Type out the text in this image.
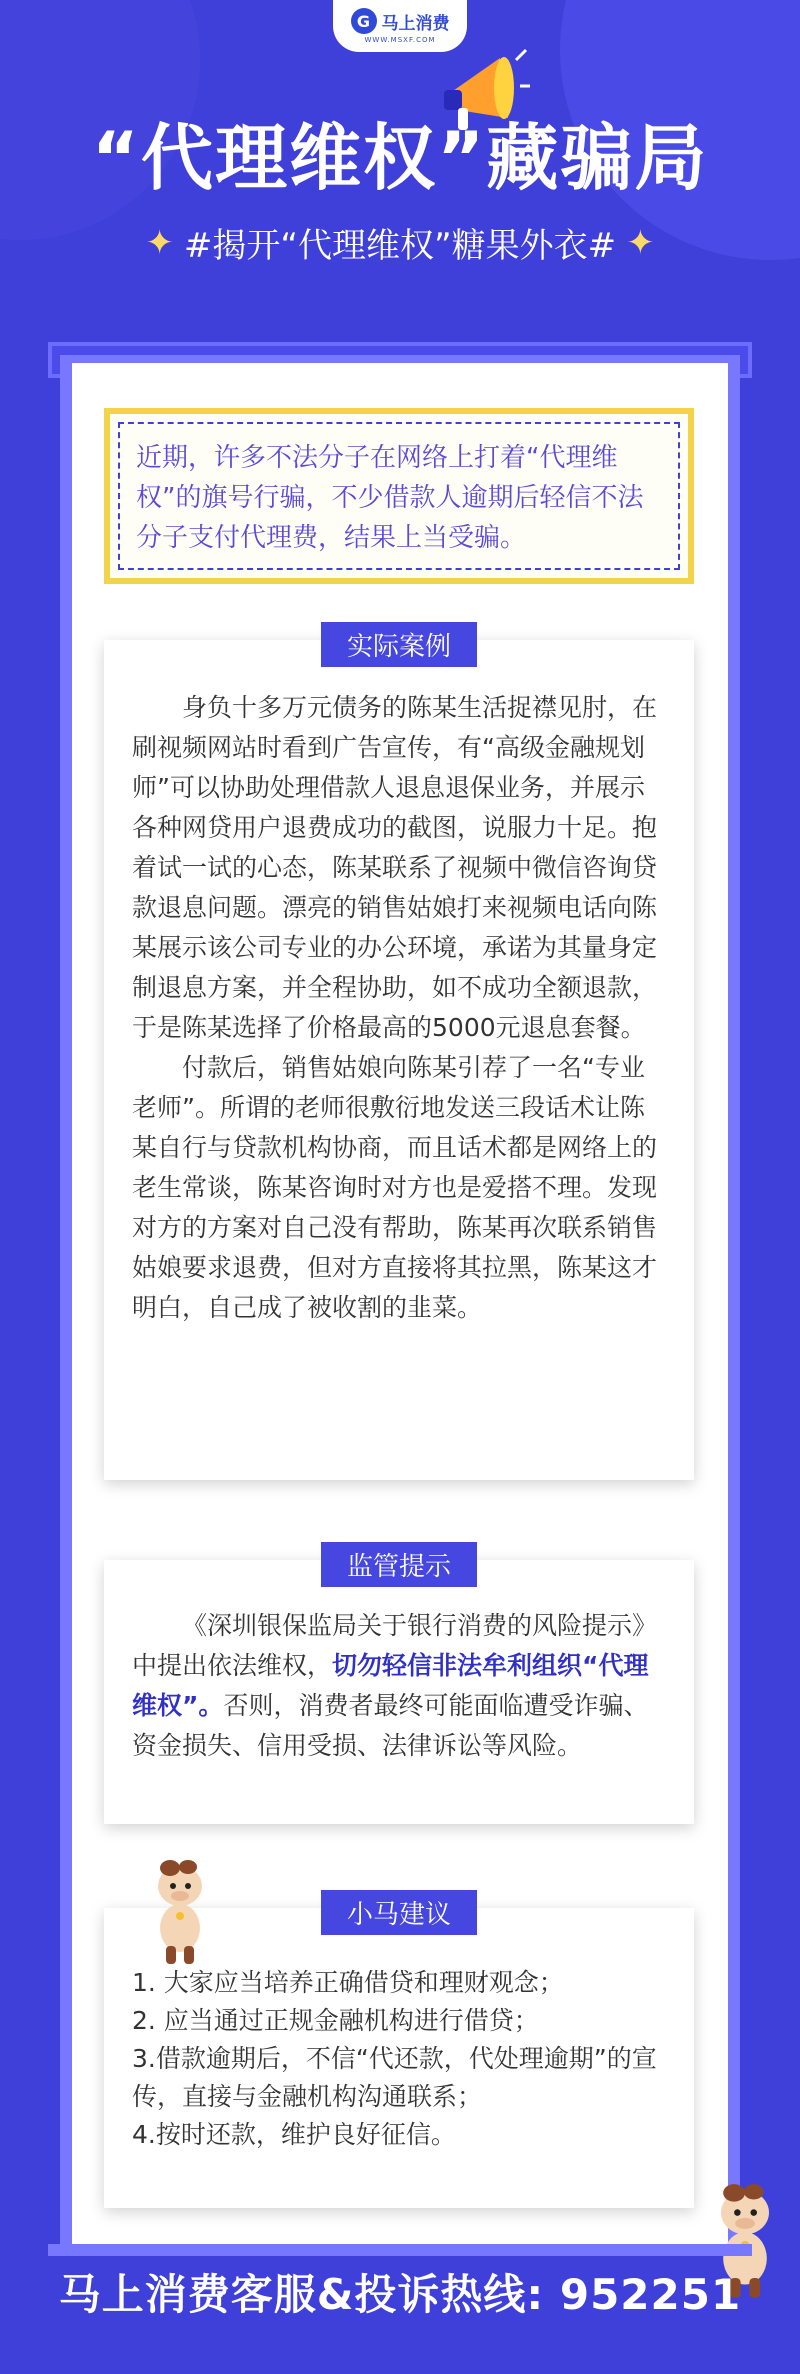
G 马上消费
WWW.MSXF.COM
“代理维权”藏骗局
✦ #揭开“代理维权”糖果外衣# ✦
近期，许多不法分子在网络上打着“代理维权”的旗号行骗，不少借款人逾期后轻信不法分子支付代理费，结果上当受骗。
实际案例

身负十多万元债务的陈某生活捉襟见肘，在刷视频网站时看到广告宣传，有“高级金融规划师”可以协助处理借款人退息退保业务，并展示各种网贷用户退费成功的截图，说服力十足。抱着试一试的心态，陈某联系了视频中微信咨询贷款退息问题。漂亮的销售姑娘打来视频电话向陈某展示该公司专业的办公环境，承诺为其量身定制退息方案，并全程协助，如不成功全额退款，于是陈某选择了价格最高的5000元退息套餐。

付款后，销售姑娘向陈某引荐了一名“专业老师”。所谓的老师很敷衍地发送三段话术让陈某自行与贷款机构协商，而且话术都是网络上的老生常谈，陈某咨询时对方也是爱搭不理。发现对方的方案对自己没有帮助，陈某再次联系销售姑娘要求退费，但对方直接将其拉黑，陈某这才明白，自己成了被收割的韭菜。

监管提示

《深圳银保监局关于银行消费的风险提示》中提出依法维权，切勿轻信非法牟利组织“代理维权”。否则，消费者最终可能面临遭受诈骗、资金损失、信用受损、法律诉讼等风险。

小马建议

1. 大家应当培养正确借贷和理财观念；

2. 应当通过正规金融机构进行借贷；

3.借款逾期后，不信“代还款，代处理逾期”的宣传，直接与金融机构沟通联系；

4.按时还款，维护良好征信。

马上消费客服&投诉热线: 952251
